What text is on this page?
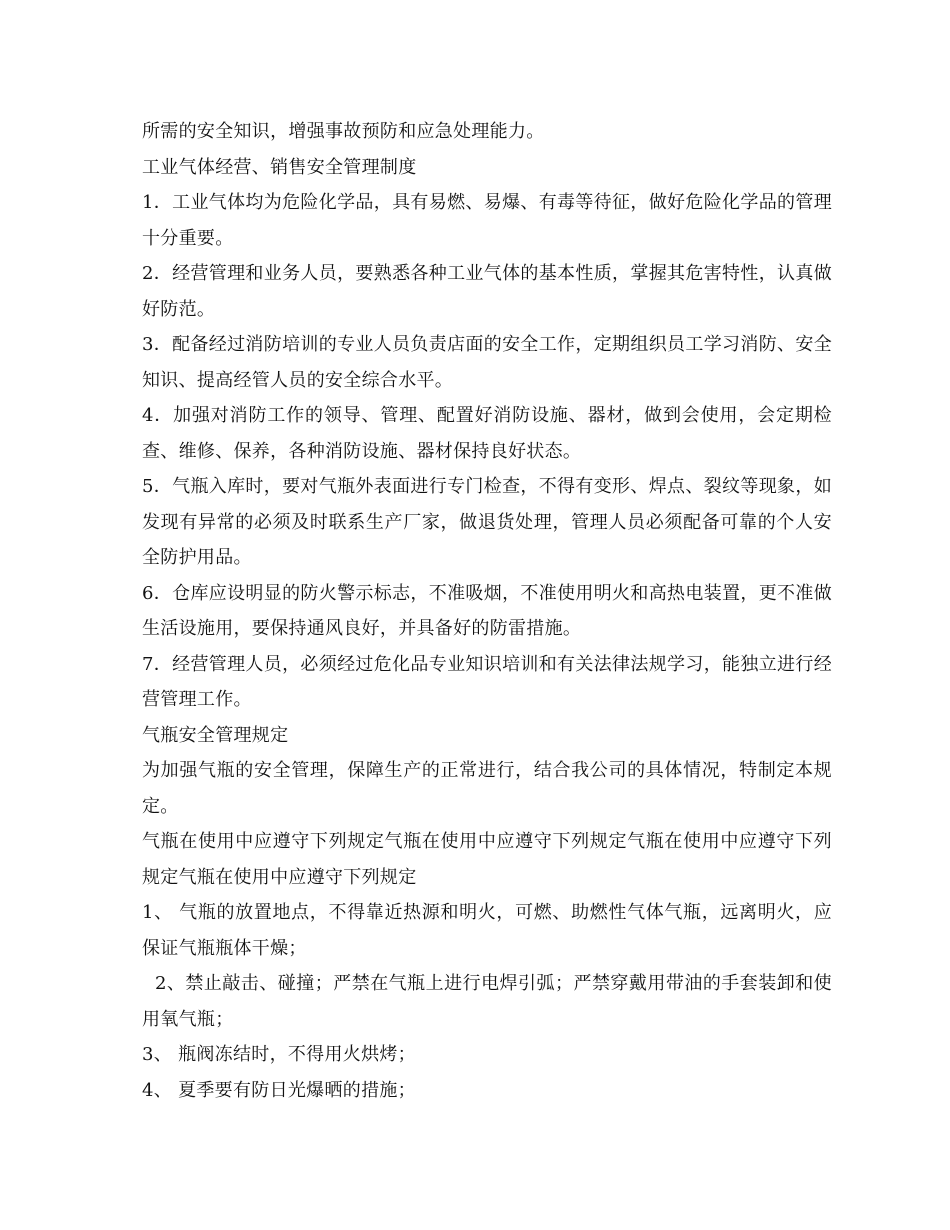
所需的安全知识，增强事故预防和应急处理能力。

工业气体经营、销售安全管理制度

1．工业气体均为危险化学品，具有易燃、易爆、有毒等待征，做好危险化学品的管理十分重要。

2．经营管理和业务人员，要熟悉各种工业气体的基本性质，掌握其危害特性，认真做好防范。

3．配备经过消防培训的专业人员负责店面的安全工作，定期组织员工学习消防、安全知识、提高经管人员的安全综合水平。

4．加强对消防工作的领导、管理、配置好消防设施、器材，做到会使用，会定期检查、维修、保养，各种消防设施、器材保持良好状态。

5．气瓶入库时，要对气瓶外表面进行专门检查，不得有变形、焊点、裂纹等现象，如发现有异常的必须及时联系生产厂家，做退货处理，管理人员必须配备可靠的个人安全防护用品。

6．仓库应设明显的防火警示标志，不准吸烟，不准使用明火和高热电装置，更不准做生活设施用，要保持通风良好，并具备好的防雷措施。

7．经营管理人员，必须经过危化品专业知识培训和有关法律法规学习，能独立进行经营管理工作。

气瓶安全管理规定

为加强气瓶的安全管理，保障生产的正常进行，结合我公司的具体情况，特制定本规定。

气瓶在使用中应遵守下列规定气瓶在使用中应遵守下列规定气瓶在使用中应遵守下列规定气瓶在使用中应遵守下列规定

1、 气瓶的放置地点，不得靠近热源和明火，可燃、助燃性气体气瓶，远离明火，应保证气瓶瓶体干燥；

2、禁止敲击、碰撞；严禁在气瓶上进行电焊引弧；严禁穿戴用带油的手套装卸和使用氧气瓶；

3、 瓶阀冻结时，不得用火烘烤；

4、 夏季要有防日光爆晒的措施；
